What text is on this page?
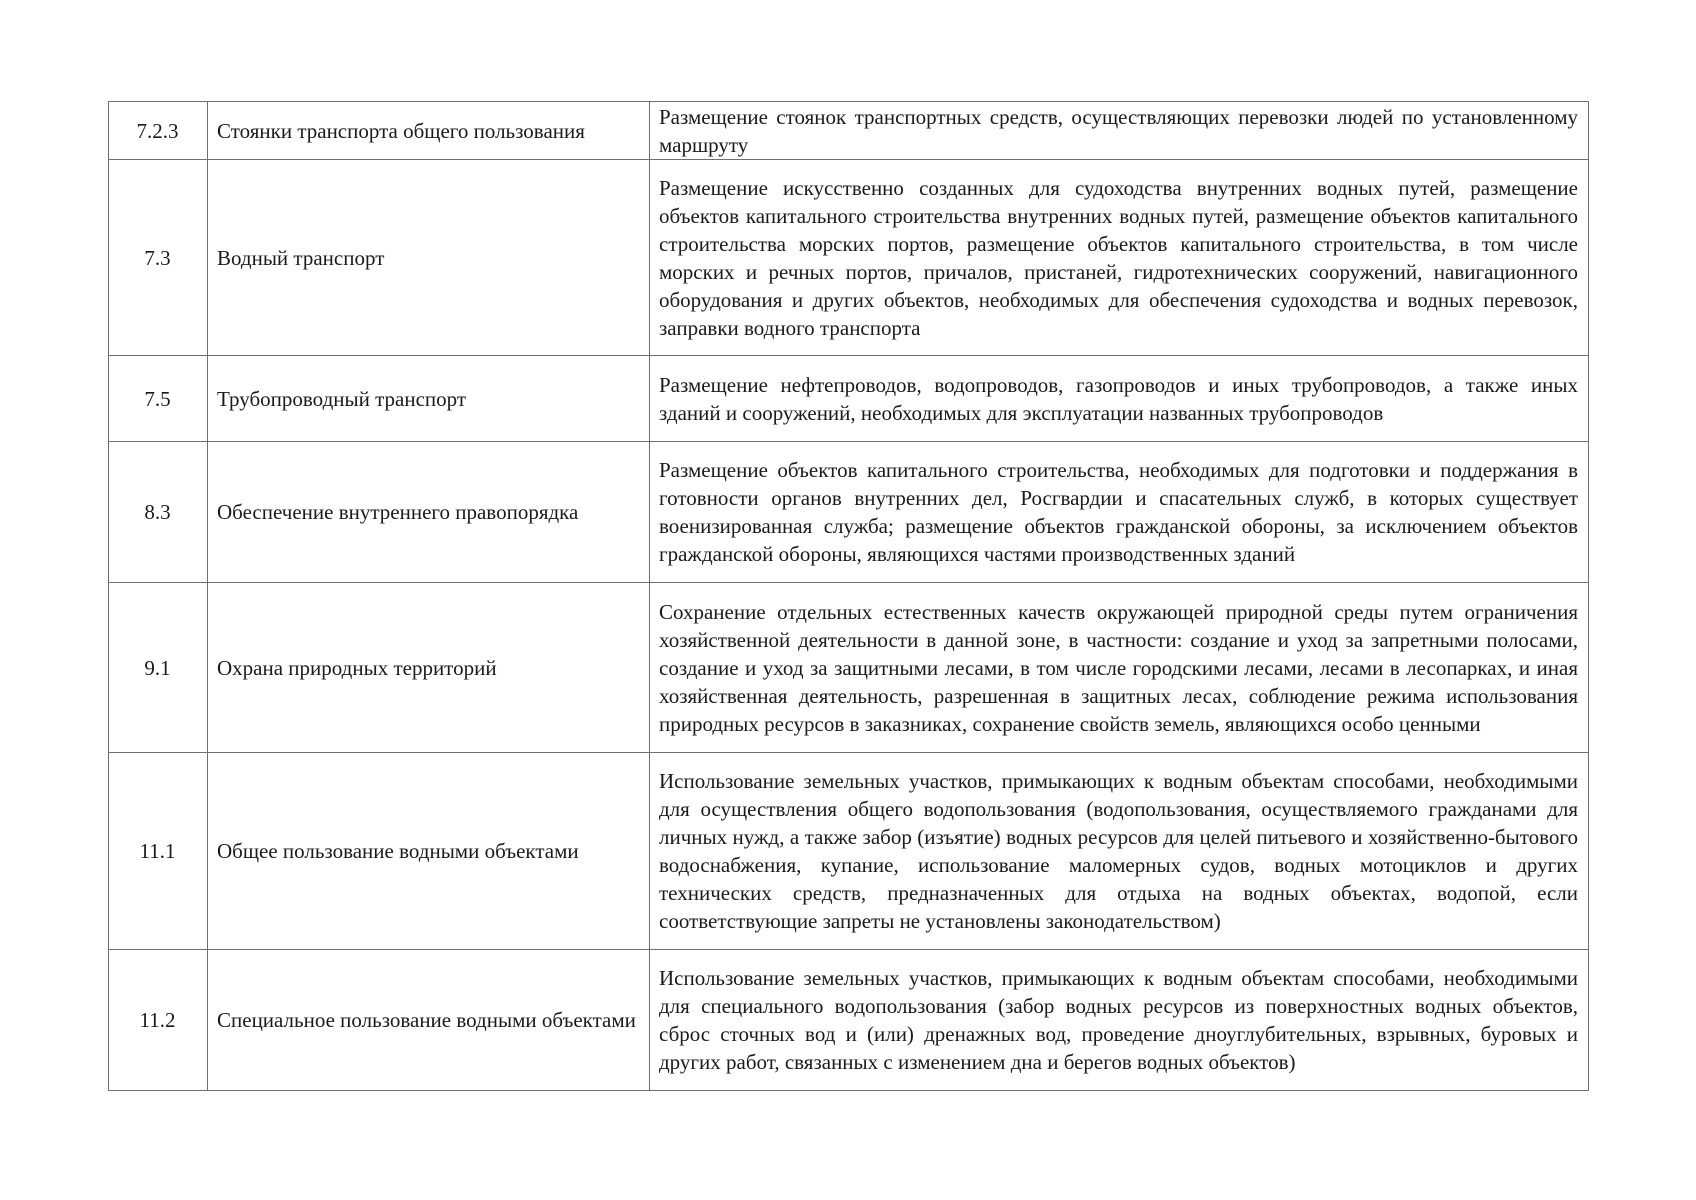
7.2.3	Стоянки транспорта общего пользования	Размещение стоянок транспортных средств, осуществляющих перевозки людей по установленному маршруту
7.3	Водный транспорт	Размещение искусственно созданных для судоходства внутренних водных путей, размещение объектов капитального строительства внутренних водных путей, размещение объектов капитального строительства морских портов, размещение объектов капитального строительства, в том числе морских и речных портов, причалов, пристаней, гидротехнических сооружений, навигационного оборудования и других объектов, необходимых для обеспечения судоходства и водных перевозок, заправки водного транспорта
7.5	Трубопроводный транспорт	Размещение нефтепроводов, водопроводов, газопроводов и иных трубопроводов, а также иных зданий и сооружений, необходимых для эксплуатации названных трубопроводов
8.3	Обеспечение внутреннего правопорядка	Размещение объектов капитального строительства, необходимых для подготовки и поддержания в готовности органов внутренних дел, Росгвардии и спасательных служб, в которых существует военизированная служба; размещение объектов гражданской обороны, за исключением объектов гражданской обороны, являющихся частями производственных зданий
9.1	Охрана природных территорий	Сохранение отдельных естественных качеств окружающей природной среды путем ограничения хозяйственной деятельности в данной зоне, в частности: создание и уход за запретными полосами, создание и уход за защитными лесами, в том числе городскими лесами, лесами в лесопарках, и иная хозяйственная деятельность, разрешенная в защитных лесах, соблюдение режима использования природных ресурсов в заказниках, сохранение свойств земель, являющихся особо ценными
11.1	Общее пользование водными объектами	Использование земельных участков, примыкающих к водным объектам способами, необходимыми для осуществления общего водопользования (водопользования, осуществляемого гражданами для личных нужд, а также забор (изъятие) водных ресурсов для целей питьевого и хозяйственно-бытового водоснабжения, купание, использование маломерных судов, водных мотоциклов и других технических средств, предназначенных для отдыха на водных объектах, водопой, если соответствующие запреты не установлены законодательством)
11.2	Специальное пользование водными объектами	Использование земельных участков, примыкающих к водным объектам способами, необходимыми для специального водопользования (забор водных ресурсов из поверхностных водных объектов, сброс сточных вод и (или) дренажных вод, проведение дноуглубительных, взрывных, буровых и других работ, связанных с изменением дна и берегов водных объектов)
